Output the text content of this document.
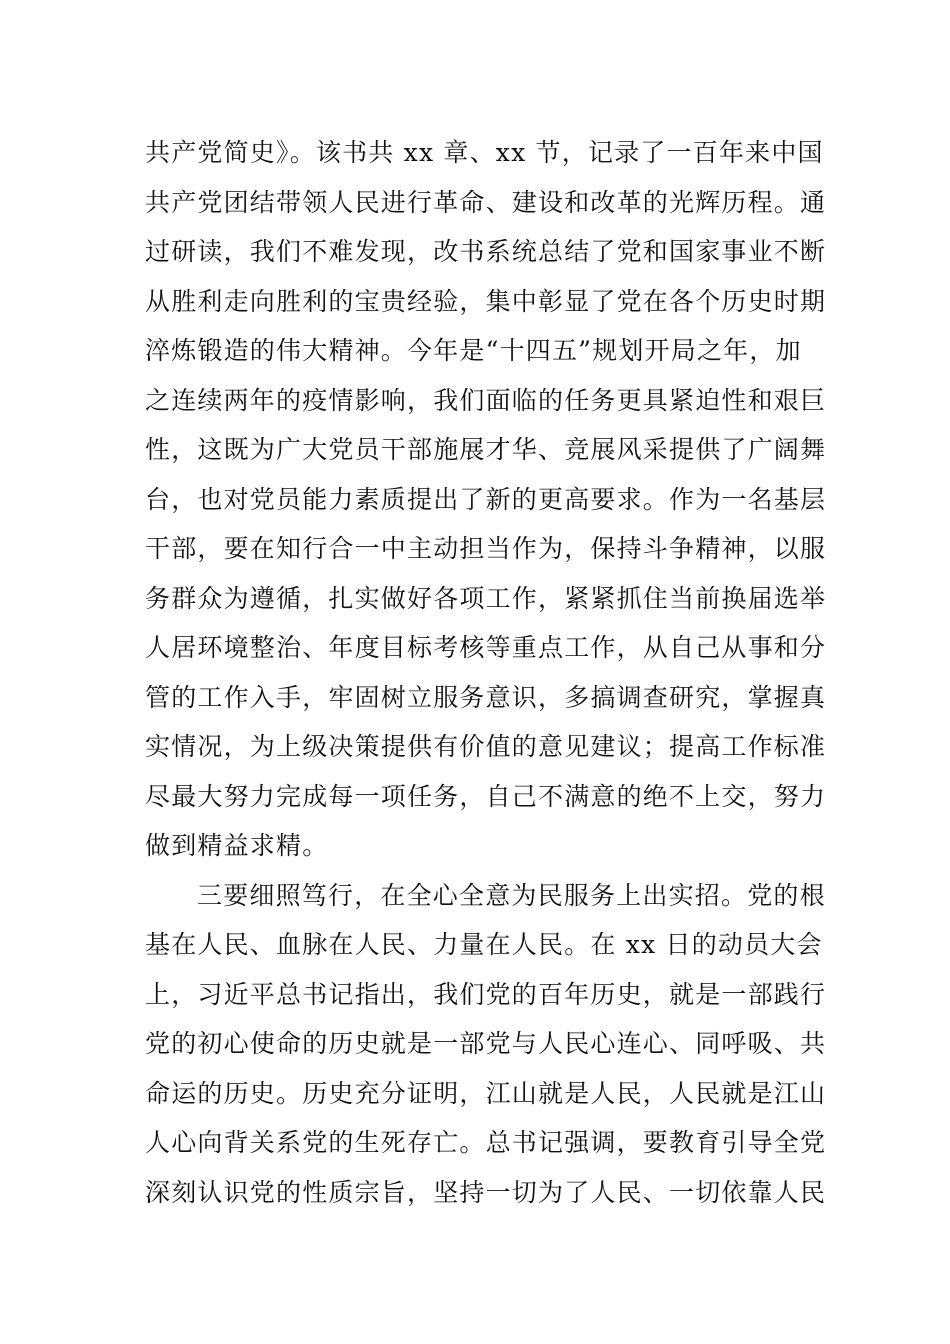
共产党简史》。该书共 xx 章、xx 节，记录了一百年来中国
共产党团结带领人民进行革命、建设和改革的光辉历程。通
过研读，我们不难发现，改书系统总结了党和国家事业不断
从胜利走向胜利的宝贵经验，集中彰显了党在各个历史时期
淬炼锻造的伟大精神。今年是“十四五”规划开局之年，加
之连续两年的疫情影响，我们面临的任务更具紧迫性和艰巨
性，这既为广大党员干部施展才华、竞展风采提供了广阔舞
台，也对党员能力素质提出了新的更高要求。作为一名基层
干部，要在知行合一中主动担当作为，保持斗争精神，以服
务群众为遵循，扎实做好各项工作，紧紧抓住当前换届选举
人居环境整治、年度目标考核等重点工作，从自己从事和分
管的工作入手，牢固树立服务意识，多搞调查研究，掌握真
实情况，为上级决策提供有价值的意见建议；提高工作标准
尽最大努力完成每一项任务，自己不满意的绝不上交，努力
做到精益求精。
三要细照笃行，在全心全意为民服务上出实招。党的根
基在人民、血脉在人民、力量在人民。在 xx 日的动员大会
上，习近平总书记指出，我们党的百年历史，就是一部践行
党的初心使命的历史就是一部党与人民心连心、同呼吸、共
命运的历史。历史充分证明，江山就是人民，人民就是江山
人心向背关系党的生死存亡。总书记强调，要教育引导全党
深刻认识党的性质宗旨，坚持一切为了人民、一切依靠人民
